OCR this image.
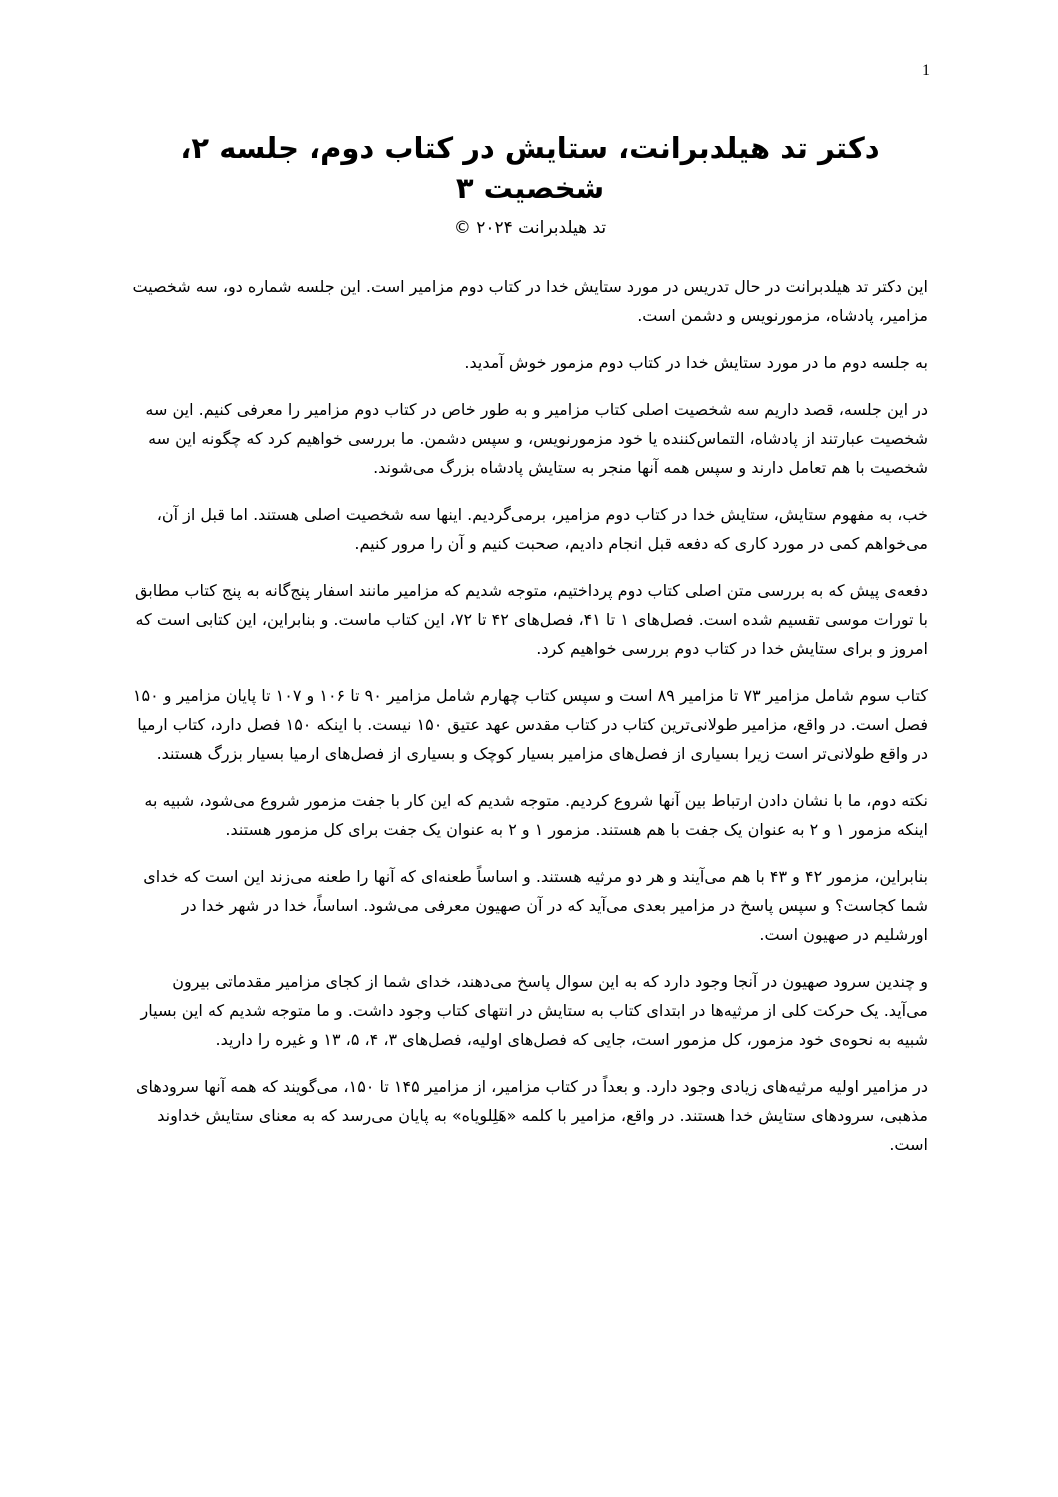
1
دکتر تد هیلدبرانت، ستایش در کتاب دوم، جلسه ۲، شخصیت ۳
تد هیلدبرانت ۲۰۲۴ ©

این دکتر تد هیلدبرانت در حال تدریس در مورد ستایش خدا در کتاب دوم مزامیر است. این جلسه شماره دو، سه شخصیت مزامیر، پادشاه، مزمورنویس و دشمن است.

به جلسه دوم ما در مورد ستایش خدا در کتاب دوم مزمور خوش آمدید.

در این جلسه، قصد داریم سه شخصیت اصلی کتاب مزامیر و به طور خاص در کتاب دوم مزامیر را معرفی کنیم. این سه شخصیت عبارتند از پادشاه، التماس‌کننده یا خود مزمورنویس، و سپس دشمن. ما بررسی خواهیم کرد که چگونه این سه شخصیت با هم تعامل دارند و سپس همه آنها منجر به ستایش پادشاه بزرگ می‌شوند.

خب، به مفهوم ستایش، ستایش خدا در کتاب دوم مزامیر، برمی‌گردیم. اینها سه شخصیت اصلی هستند. اما قبل از آن، می‌خواهم کمی در مورد کاری که دفعه قبل انجام دادیم، صحبت کنیم و آن را مرور کنیم.

دفعه‌ی پیش که به بررسی متن اصلی کتاب دوم پرداختیم، متوجه شدیم که مزامیر مانند اسفار پنج‌گانه به پنج کتاب مطابق با تورات موسی تقسیم شده است. فصل‌های ۱ تا ۴۱، فصل‌های ۴۲ تا ۷۲، این کتاب ماست. و بنابراین، این کتابی است که امروز و برای ستایش خدا در کتاب دوم بررسی خواهیم کرد.

کتاب سوم شامل مزامیر ۷۳ تا مزامیر ۸۹ است و سپس کتاب چهارم شامل مزامیر ۹۰ تا ۱۰۶ و ۱۰۷ تا پایان مزامیر و ۱۵۰ فصل است. در واقع، مزامیر طولانی‌ترین کتاب در کتاب مقدس عهد عتیق ۱۵۰ نیست. با اینکه ۱۵۰ فصل دارد، کتاب ارمیا در واقع طولانی‌تر است زیرا بسیاری از فصل‌های مزامیر بسیار کوچک و بسیاری از فصل‌های ارمیا بسیار بزرگ هستند.

نکته دوم، ما با نشان دادن ارتباط بین آنها شروع کردیم. متوجه شدیم که این کار با جفت مزمور شروع می‌شود، شبیه به اینکه مزمور ۱ و ۲ به عنوان یک جفت با هم هستند. مزمور ۱ و ۲ به عنوان یک جفت برای کل مزمور هستند.

بنابراین، مزمور ۴۲ و ۴۳ با هم می‌آیند و هر دو مرثیه هستند. و اساساً طعنه‌ای که آنها را طعنه می‌زند این است که خدای شما کجاست؟ و سپس پاسخ در مزامیر بعدی می‌آید که در آن صهیون معرفی می‌شود. اساساً، خدا در شهر خدا در اورشلیم در صهیون است.

و چندین سرود صهیون در آنجا وجود دارد که به این سوال پاسخ می‌دهند، خدای شما از کجای مزامیر مقدماتی بیرون می‌آید. یک حرکت کلی از مرثیه‌ها در ابتدای کتاب به ستایش در انتهای کتاب وجود داشت. و ما متوجه شدیم که این بسیار شبیه به نحوه‌ی خود مزمور، کل مزمور است، جایی که فصل‌های اولیه، فصل‌های ۳، ۴، ۵، ۱۳ و غیره را دارید.

در مزامیر اولیه مرثیه‌های زیادی وجود دارد. و بعداً در کتاب مزامیر، از مزامیر ۱۴۵ تا ۱۵۰، می‌گویند که همه آنها سرودهای مذهبی، سرودهای ستایش خدا هستند. در واقع، مزامیر با کلمه «هَلِلویاه» به پایان می‌رسد که به معنای ستایش خداوند است.
